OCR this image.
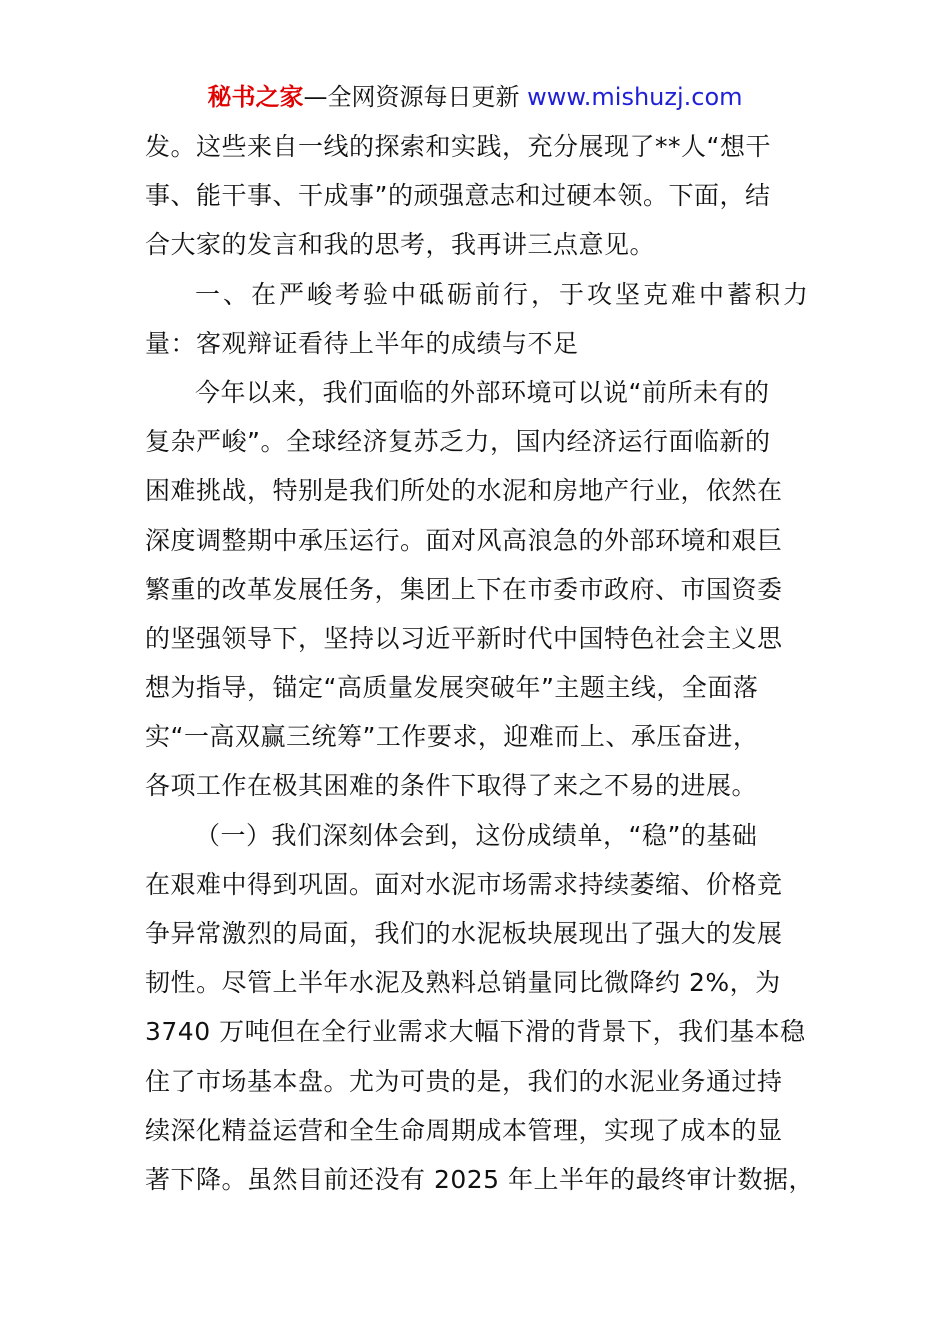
秘书之家—全网资源每日更新 www.mishuzj.com
发。这些来自一线的探索和实践，充分展现了**人“想干
事、能干事、干成事”的顽强意志和过硬本领。下面，结
合大家的发言和我的思考，我再讲三点意见。
一、在严峻考验中砥砺前行，于攻坚克难中蓄积力
量：客观辩证看待上半年的成绩与不足
今年以来，我们面临的外部环境可以说“前所未有的
复杂严峻”。全球经济复苏乏力，国内经济运行面临新的
困难挑战，特别是我们所处的水泥和房地产行业，依然在
深度调整期中承压运行。面对风高浪急的外部环境和艰巨
繁重的改革发展任务，集团上下在市委市政府、市国资委
的坚强领导下，坚持以习近平新时代中国特色社会主义思
想为指导，锚定“高质量发展突破年”主题主线，全面落
实“一高双赢三统筹”工作要求，迎难而上、承压奋进，
各项工作在极其困难的条件下取得了来之不易的进展。
（一）我们深刻体会到，这份成绩单，“稳”的基础
在艰难中得到巩固。面对水泥市场需求持续萎缩、价格竞
争异常激烈的局面，我们的水泥板块展现出了强大的发展
韧性。尽管上半年水泥及熟料总销量同比微降约 2%，为
3740 万吨但在全行业需求大幅下滑的背景下，我们基本稳
住了市场基本盘。尤为可贵的是，我们的水泥业务通过持
续深化精益运营和全生命周期成本管理，实现了成本的显
著下降。虽然目前还没有 2025 年上半年的最终审计数据，
